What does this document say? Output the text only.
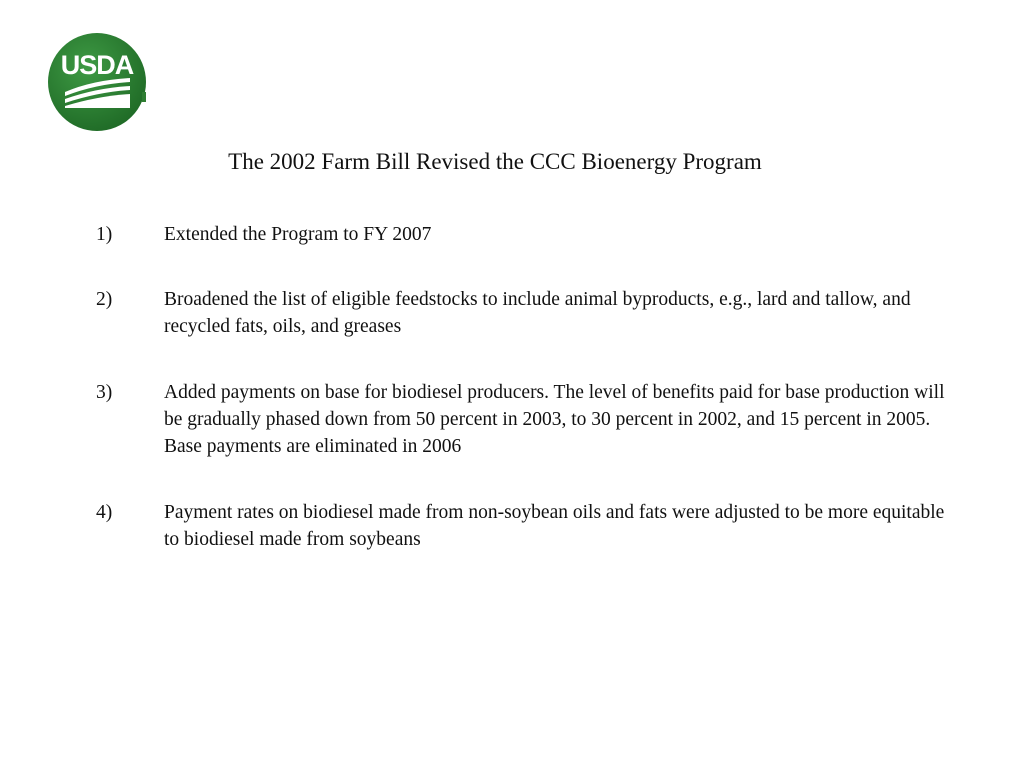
USDA
The 2002 Farm Bill Revised the CCC Bioenergy Program
1)	Extended the Program to FY 2007
2)	Broadened the list of eligible feedstocks to include animal byproducts, e.g., lard and tallow, and recycled fats, oils, and greases
3)	Added payments on base for biodiesel producers. The level of benefits paid for base production will be gradually phased down from 50 percent in 2003, to 30 percent in 2002, and 15 percent in 2005. Base payments are eliminated in 2006
4)	Payment rates on biodiesel made from non-soybean oils and fats were adjusted to be more equitable to biodiesel made from soybeans
